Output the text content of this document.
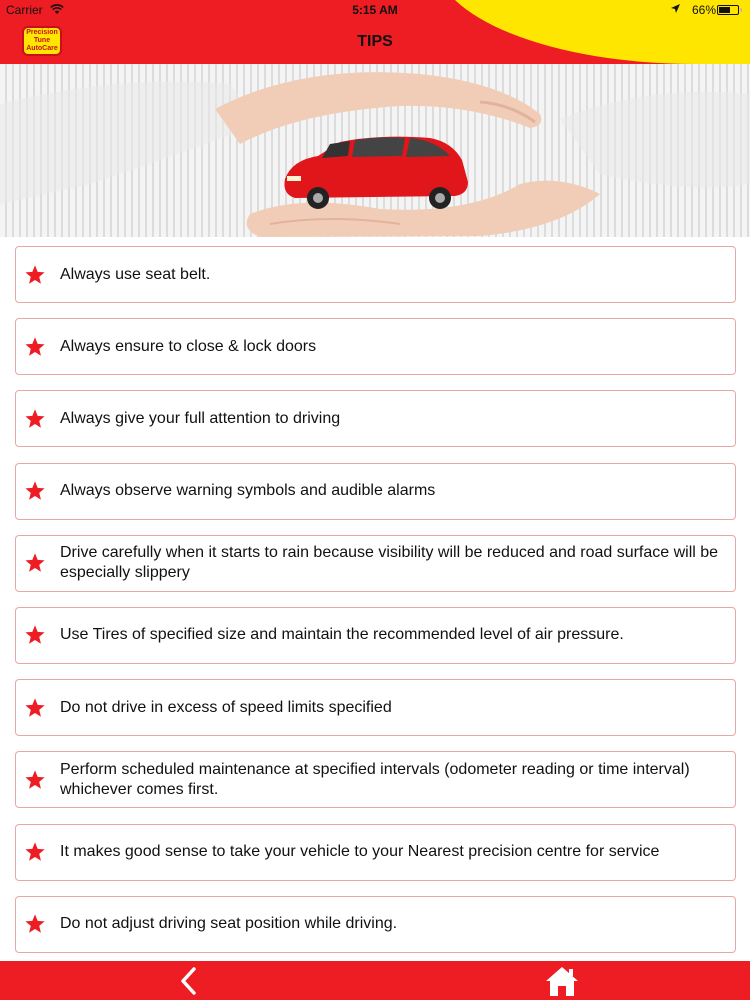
Carrier	5:15 AM	66%
Precision
Tune
AutoCare	TIPS
Always use seat belt.
Always ensure to close & lock doors
Always give your full attention to driving
Always observe warning symbols and audible alarms
Drive carefully when it starts to rain because visibility will be reduced and road surface will be especially slippery
Use Tires of specified size and maintain the recommended level of air pressure.
Do not drive in excess of speed limits specified
Perform scheduled maintenance at specified intervals (odometer reading or time interval) whichever comes first.
It makes good sense to take your vehicle to your Nearest precision centre for service
Do not adjust driving seat position while driving.
